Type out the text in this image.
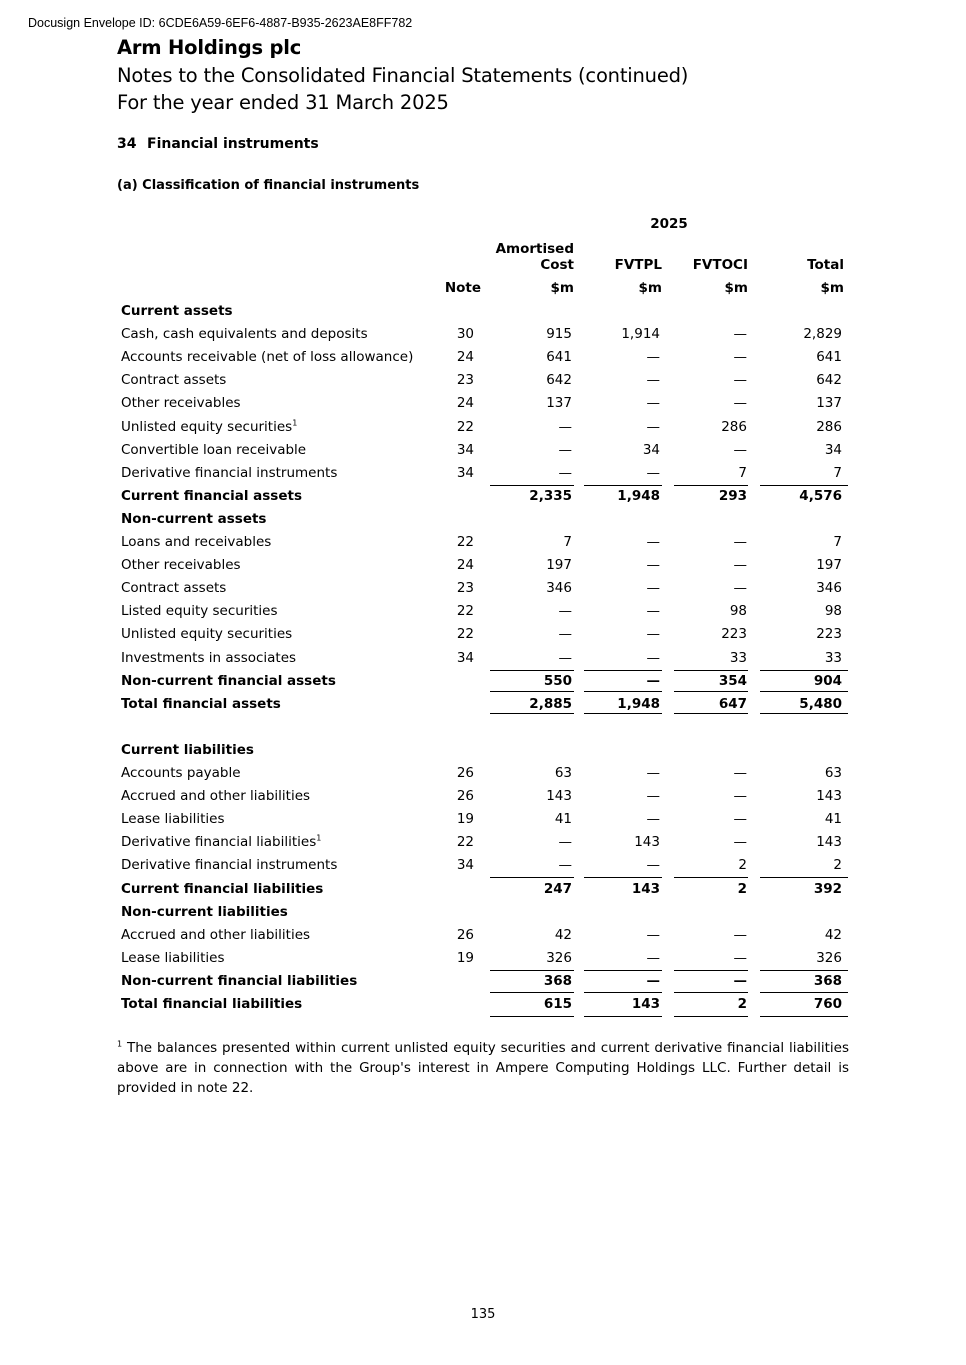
Docusign Envelope ID: 6CDE6A59-6EF6-4887-B935-2623AE8FF782
Arm Holdings plc
Notes to the Consolidated Financial Statements (continued)
For the year ended 31 March 2025
34 Financial instruments
(a) Classification of financial instruments
2025
Amortised
Cost	FVTPL	FVTOCI	Total
Note	$m	$m	$m	$m
Current assets
Cash, cash equivalents and deposits	30	915	1,914	—	2,829
Accounts receivable (net of loss allowance)	24	641	—	—	641
Contract assets	23	642	—	—	642
Other receivables	24	137	—	—	137
Unlisted equity securities$^1$	22	—	—	286	286
Convertible loan receivable	34	—	34	—	34
Derivative financial instruments	34	—	—	7	7
Current financial assets	2,335	1,948	293	4,576
Non-current assets
Loans and receivables	22	7	—	—	7
Other receivables	24	197	—	—	197
Contract assets	23	346	—	—	346
Listed equity securities	22	—	—	98	98
Unlisted equity securities	22	—	—	223	223
Investments in associates	34	—	—	33	33
Non-current financial assets	550	—	354	904
Total financial assets	2,885	1,948	647	5,480
Current liabilities
Accounts payable	26	63	—	—	63
Accrued and other liabilities	26	143	—	—	143
Lease liabilities	19	41	—	—	41
Derivative financial liabilities$^1$	22	—	143	—	143
Derivative financial instruments	34	—	—	2	2
Current financial liabilities	247	143	2	392
Non-current liabilities
Accrued and other liabilities	26	42	—	—	42
Lease liabilities	19	326	—	—	326
Non-current financial liabilities	368	—	—	368
Total financial liabilities	615	143	2	760
$^1$ The balances presented within current unlisted equity securities and current derivative financial liabilities above are in connection with the Group's interest in Ampere Computing Holdings LLC. Further detail is provided in note 22.
135
